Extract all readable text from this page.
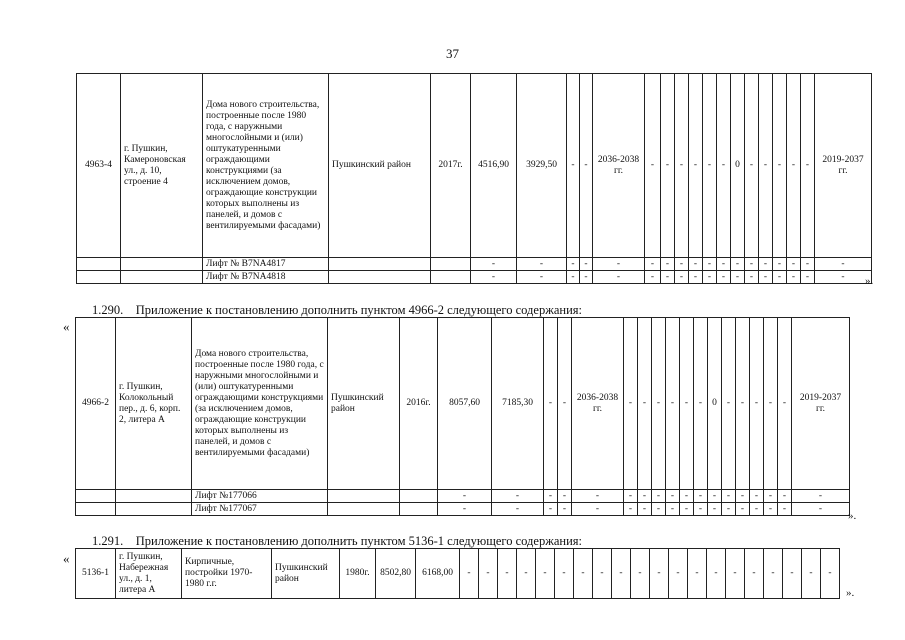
37
4963-4	г. Пушкин, Камероновская ул., д. 10, строение 4	Дома нового строительства, построенные после 1980 года, с наружными многослойными и (или) оштукатуренными ограждающими конструкциями (за исключением домов, ограждающие конструкции которых выполнены из панелей, и домов с вентилируемыми фасадами)	Пушкинский район	2017г.	4516,90	3929,50	-	-	2036-2038 гг.	-	-	-	-	-	-	0	-	-	-	-	-	2019-2037 гг.
		Лифт № B7NA4817			-	-	-	-	-	-	-	-	-	-	-	-	-	-	-	-	-	-
		Лифт № B7NA4818			-	-	-	-	-	-	-	-	-	-	-	-	-	-	-	-	-	- ».
1.290. Приложение к постановлению дополнить пунктом 4966-2 следующего содержания:
«
4966-2	г. Пушкин, Колокольный пер., д. 6, корп. 2, литера А	Дома нового строительства, построенные после 1980 года, с наружными многослойными и (или) оштукатуренными ограждающими конструкциями (за исключением домов, ограждающие конструкции которых выполнены из панелей, и домов с вентилируемыми фасадами)	Пушкинский район	2016г.	8057,60	7185,30	-	-	2036-2038 гг.	-	-	-	-	-	-	0	-	-	-	-	-	2019-2037 гг.
		Лифт №177066			-	-	-	-	-	-	-	-	-	-	-	-	-	-	-	-	-	-
		Лифт №177067			-	-	-	-	-	-	-	-	-	-	-	-	-	-	-	-	-	-
».
1.291. Приложение к постановлению дополнить пунктом 5136-1 следующего содержания:
«
5136-1	г. Пушкин, Набережная ул., д. 1, литера А	Кирпичные, постройки 1970-1980 г.г.	Пушкинский район	1980г.	8502,80	6168,00	-	-	-	-	-	-	-	-	-	-	-	-	-	-	-	-	-	-	-	-
».
